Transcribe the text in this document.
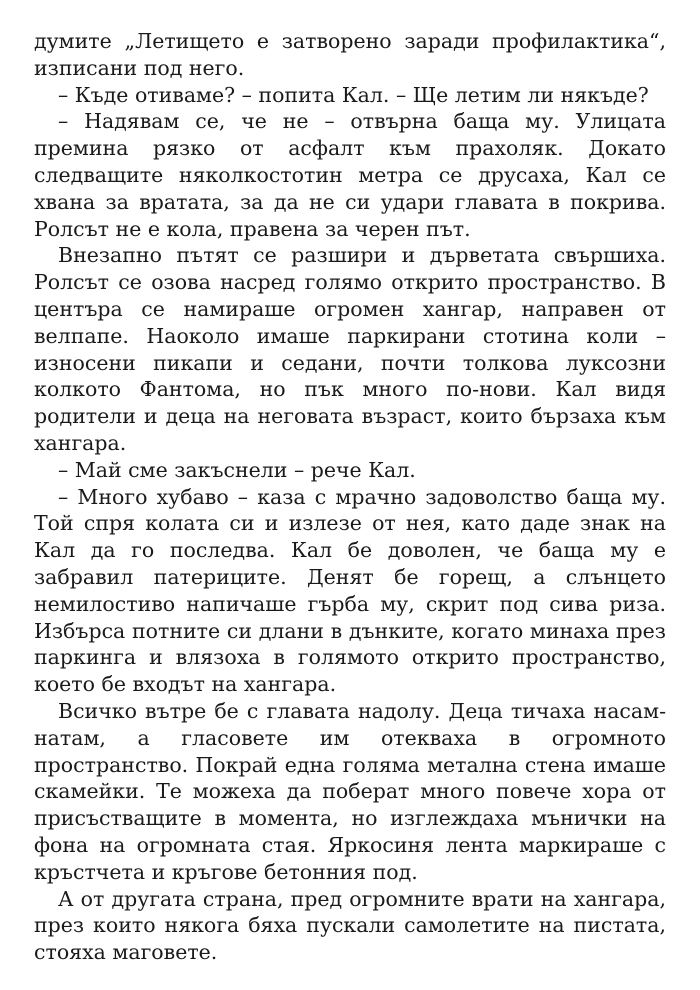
думите „Летището е затворено заради профилактика“, изписани под него.

– Къде отиваме? – попита Кал. – Ще летим ли някъде?

– Надявам се, че не – отвърна баща му. Улицата премина рязко от асфалт към прахоляк. Докато следващите няколкостотин метра се друсаха, Кал се хвана за вратата, за да не си удари главата в покрива. Ролсът не е кола, правена за черен път.

Внезапно пътят се разшири и дърветата свършиха. Ролсът се озова насред голямо открито пространство. В центъра се намираше огромен хангар, направен от велпапе. Наоколо имаше паркирани стотина коли – износени пикапи и седани, почти толкова луксозни колкото Фантома, но пък много по-нови. Кал видя родители и деца на неговата възраст, които бързаха към хангара.

– Май сме закъснели – рече Кал.

– Много хубаво – каза с мрачно задоволство баща му. Той спря колата си и излезе от нея, като даде знак на Кал да го последва. Кал бе доволен, че баща му е забравил патериците. Денят бе горещ, а слънцето немилостиво напичаше гърба му, скрит под сива риза. Избърса потните си длани в дънките, когато минаха през паркинга и влязоха в голямото открито пространство, което бе входът на хангара.

Всичко вътре бе с главата надолу. Деца тичаха насам-натам, а гласовете им отекваха в огромното пространство. Покрай една голяма метална стена имаше скамейки. Те можеха да поберат много повече хора от присъстващите в момента, но изглеждаха мънички на фона на огромната стая. Яркосиня лента маркираше с кръстчета и кръгове бетонния под.

А от другата страна, пред огромните врати на хангара, през които някога бяха пускали самолетите на пистата, стояха маговете.
